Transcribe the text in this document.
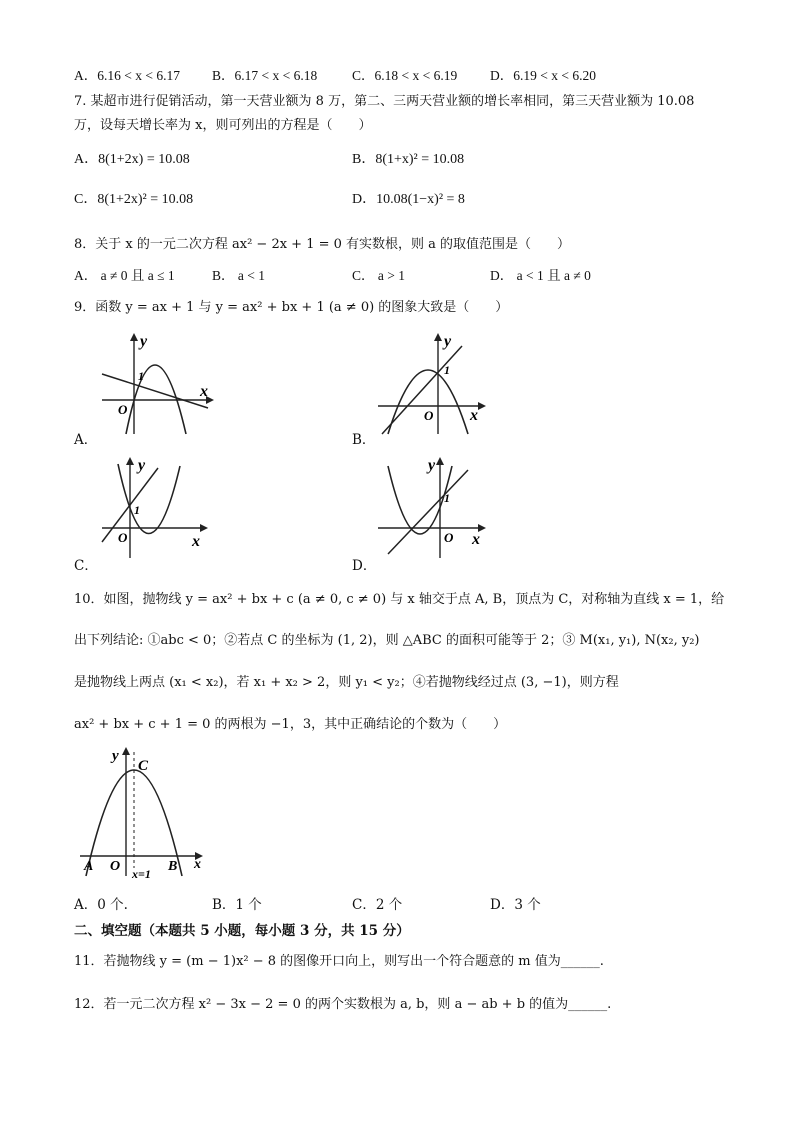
A．6.16 < x < 6.17 B．6.17 < x < 6.18	C．6.18 < x < 6.19 D．6.19 < x < 6.20
7. 某超市进行促销活动，第一天营业额为 8 万，第二、三两天营业额的增长率相同，第三天营业额为 10.08
万，设每天增长率为 x，则可列出的方程是（　　）
A．8(1+2x) = 10.08	B．8(1+x)² = 10.08
C．8(1+2x)² = 10.08	D．10.08(1−x)² = 8
8．关于 x 的一元二次方程 ax² − 2x + 1 = 0 有实数根，则 a 的取值范围是（　　）
A． a ≠ 0 且 a ≤ 1	B． a < 1	C． a > 1	D． a < 1 且 a ≠ 0
9．函数 y = ax + 1 与 y = ax² + bx + 1 (a ≠ 0) 的图象大致是（　　）
y
x
O
1
A．
y
x
O
1
B．
y
x
O
1
C．
y
x
O
1
D．
10．如图，抛物线 y = ax² + bx + c (a ≠ 0, c ≠ 0) 与 x 轴交于点 A, B，顶点为 C，对称轴为直线 x = 1，给
出下列结论: ①abc < 0；②若点 C 的坐标为 (1, 2)，则 △ABC 的面积可能等于 2；③ M(x₁, y₁), N(x₂, y₂)
是抛物线上两点 (x₁ < x₂)，若 x₁ + x₂ > 2，则 y₁ < y₂；④若抛物线经过点 (3, −1)，则方程
ax² + bx + c + 1 = 0 的两根为 −1，3，其中正确结论的个数为（　　）
y
C
A O	B x
x=1
A．0 个.	B．1 个	C．2 个	D．3 个
二、填空题（本题共 5 小题，每小题 3 分，共 15 分）
11．若抛物线 y = (m − 1)x² − 8 的图像开口向上，则写出一个符合题意的 m 值为______.
12．若一元二次方程 x² − 3x − 2 = 0 的两个实数根为 a, b，则 a − ab + b 的值为______.
